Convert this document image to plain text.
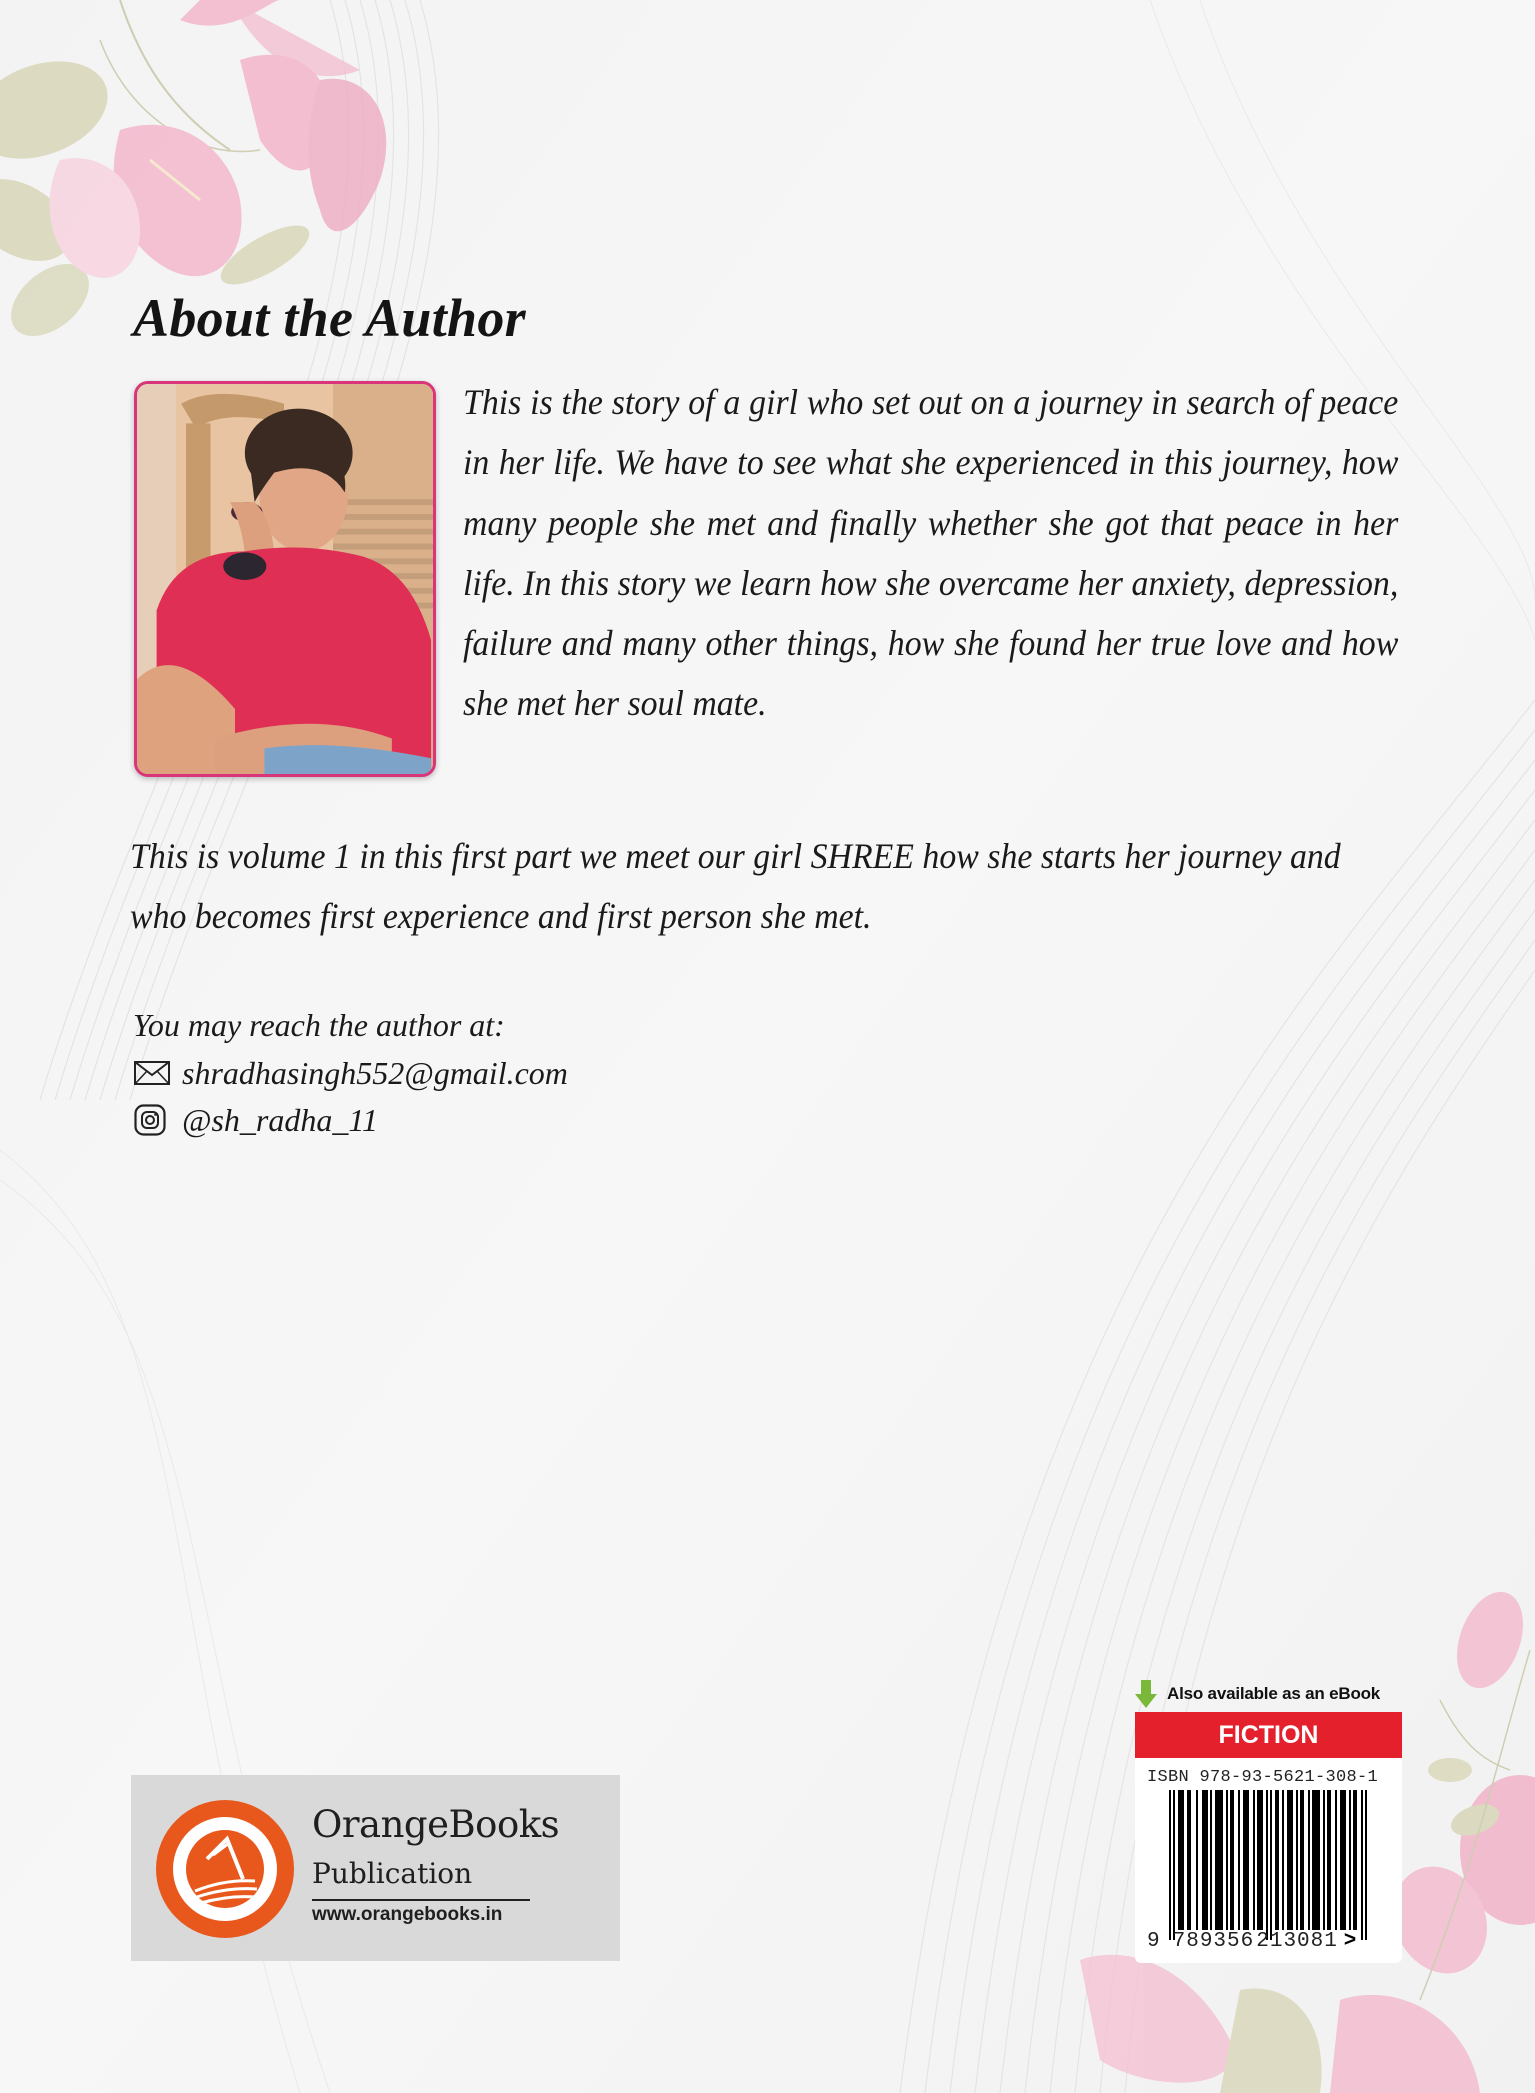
About the Author
This is the story of a girl who set out on a journey in search of peace in her life. We have to see what she experienced in this journey, how many people she met and finally whether she got that peace in her life. In this story we learn how she overcame her anxiety, depression, failure and many other things, how she found her true love and how she met her soul mate.
This is volume 1 in this first part we meet our girl SHREE how she starts her journey and who becomes first experience and first person she met.
You may reach the author at:
shradhasingh552@gmail.com
@sh_radha_11
OrangeBooks
Publication
www.orangebooks.in
Also available as an eBook
FICTION
ISBN 978-93-5621-308-1
9 789356213081 >
